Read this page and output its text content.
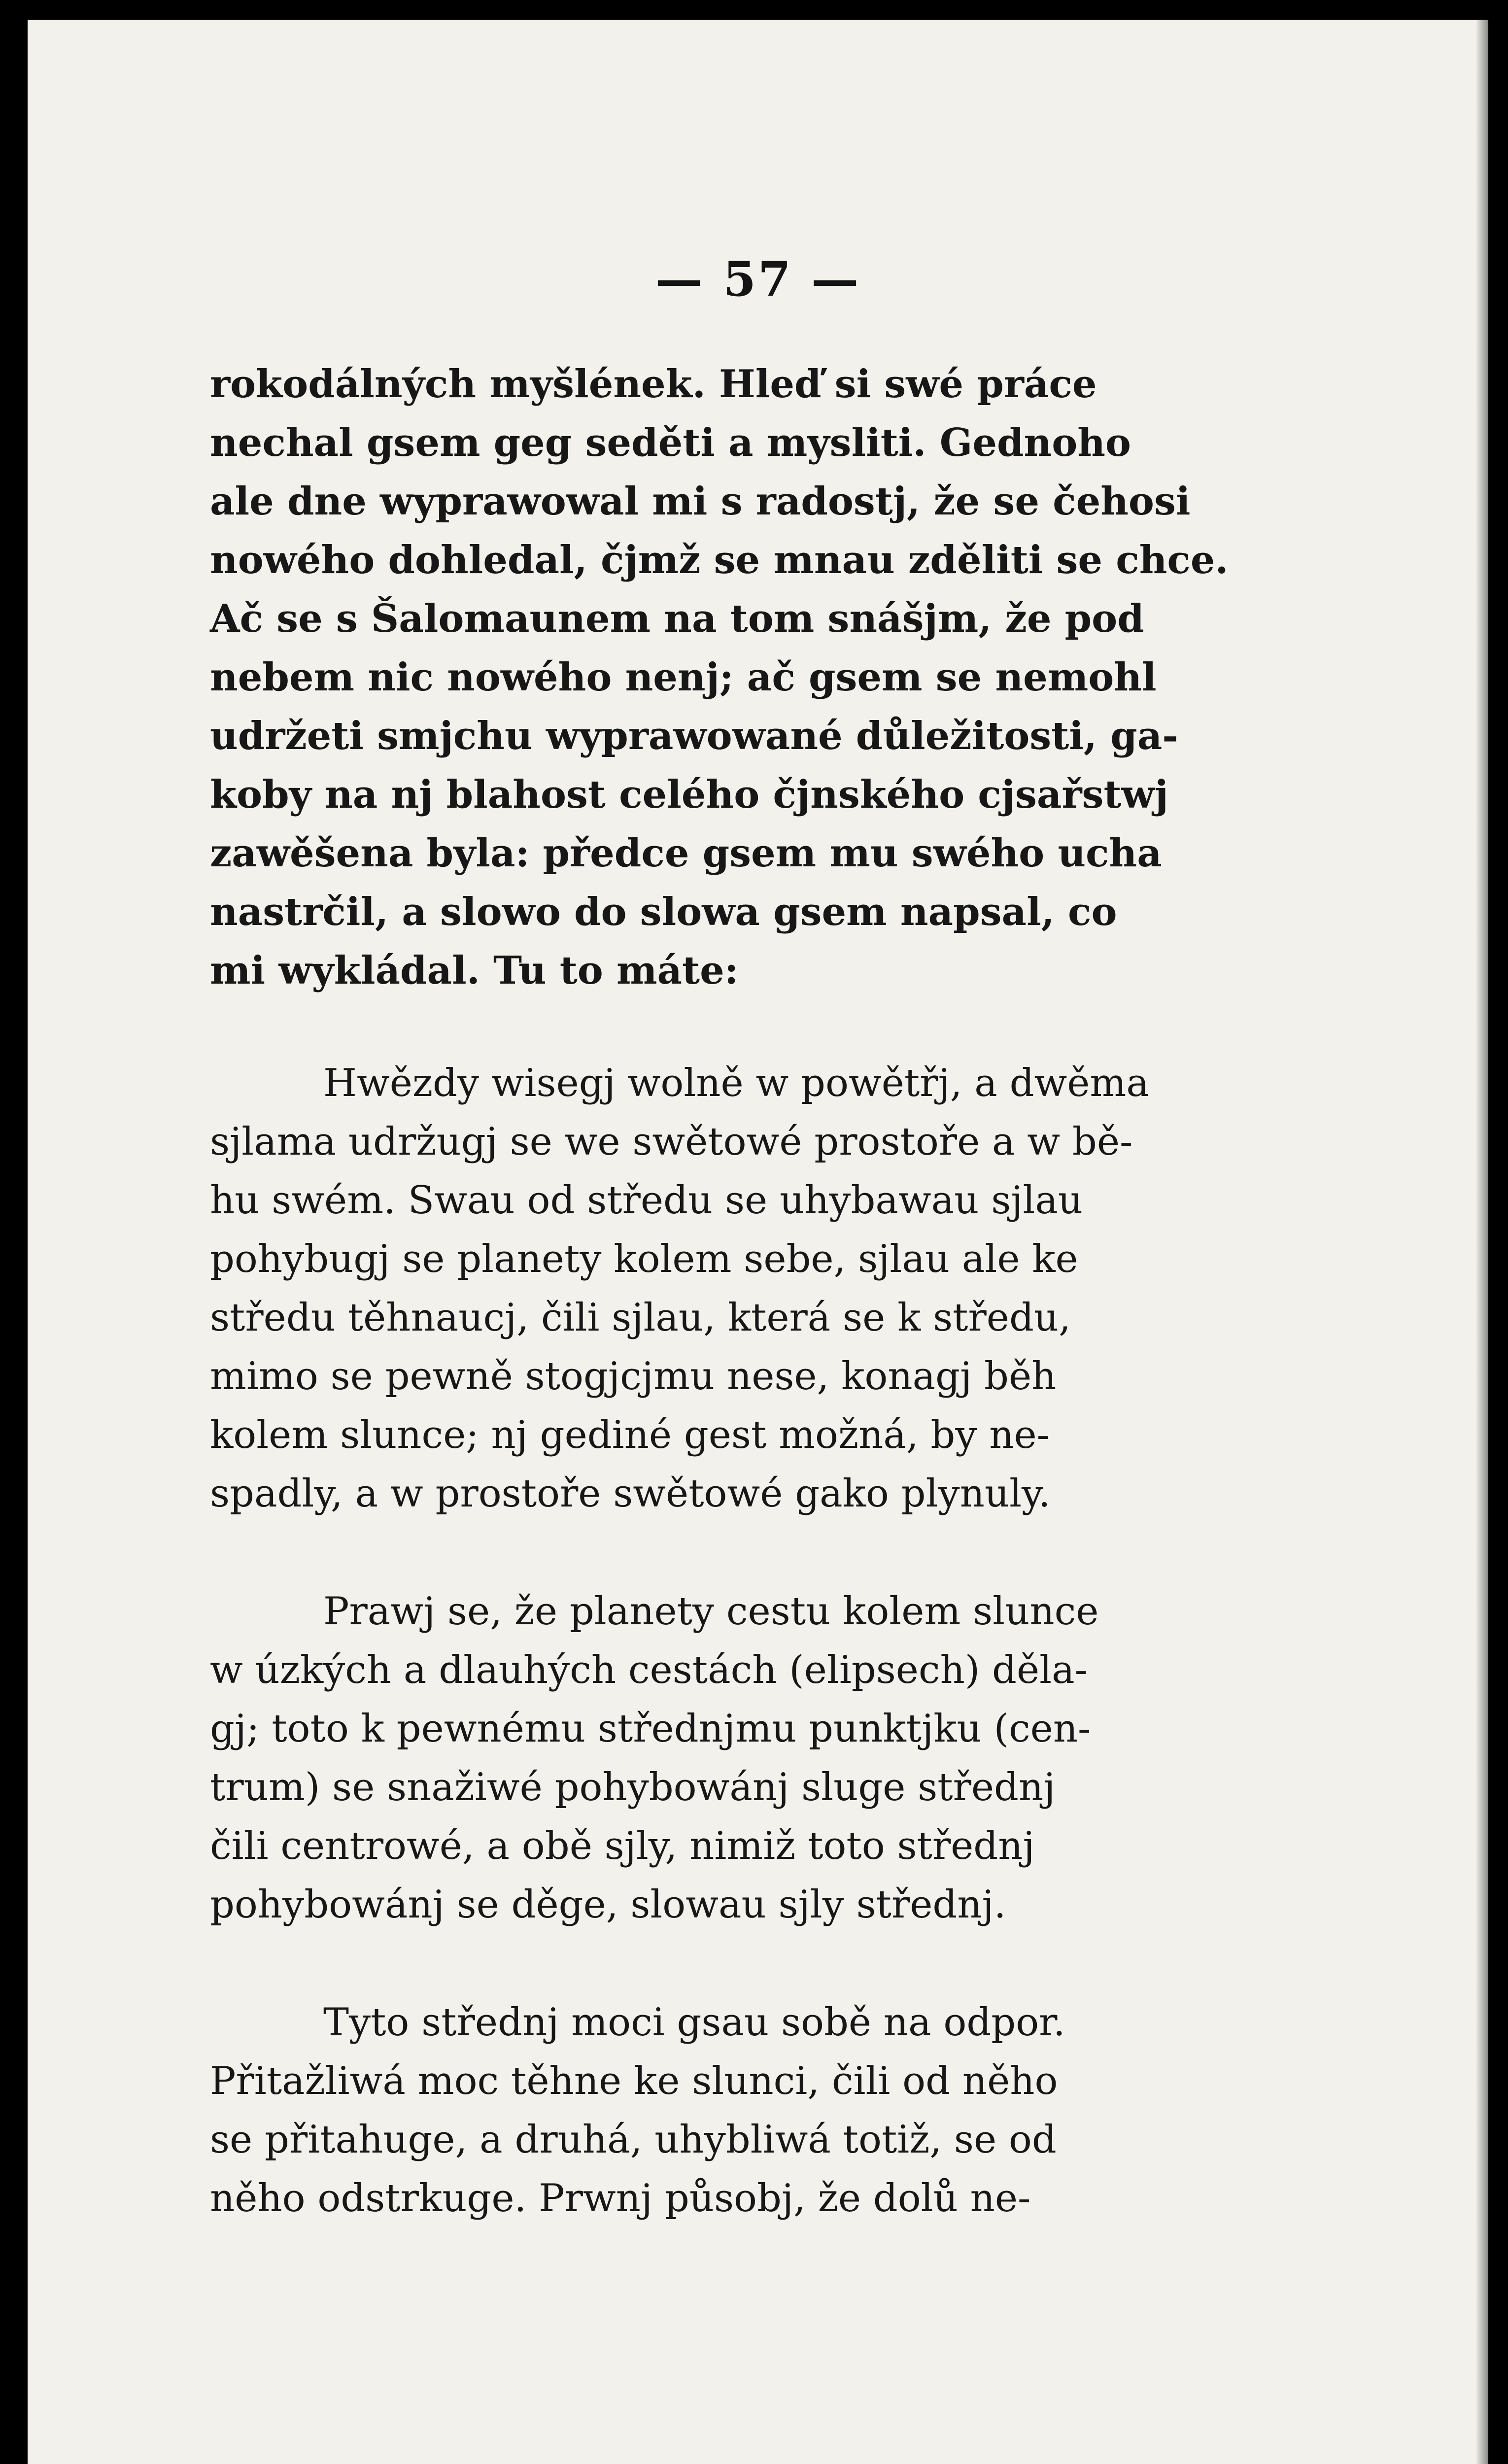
— 57 —

rokodálných myšlének. Hleď si swé práce
nechal gsem geg seděti a mysliti. Gednoho
ale dne wyprawowal mi s radostj, že se čehosi
nowého dohledal, čjmž se mnau zděliti se chce.
Ač se s Šalomaunem na tom snášjm, že pod
nebem nic nowého nenj; ač gsem se nemohl
udržeti smjchu wyprawowané důležitosti, ga-
koby na nj blahost celého čjnského cjsařstwj
zawěšena byla: předce gsem mu swého ucha
nastrčil, a slowo do slowa gsem napsal, co
mi wykládal. Tu to máte:

Hwězdy wisegj wolně w powětřj, a dwěma
sjlama udržugj se we swětowé prostoře a w bě-
hu swém. Swau od středu se uhybawau sjlau
pohybugj se planety kolem sebe, sjlau ale ke
středu těhnaucj, čili sjlau, která se k středu,
mimo se pewně stogjcjmu nese, konagj běh
kolem slunce; nj gediné gest možná, by ne-
spadly, a w prostoře swětowé gako plynuly.

Prawj se, že planety cestu kolem slunce
w úzkých a dlauhých cestách (elipsech) děla-
gj; toto k pewnému střednjmu punktjku (cen-
trum) se snažiwé pohybowánj sluge střednj
čili centrowé, a obě sjly, nimiž toto střednj
pohybowánj se děge, slowau sjly střednj.

Tyto střednj moci gsau sobě na odpor.
Přitažliwá moc těhne ke slunci, čili od něho
se přitahuge, a druhá, uhybliwá totiž, se od
něho odstrkuge. Prwnj působj, že dolů ne-
